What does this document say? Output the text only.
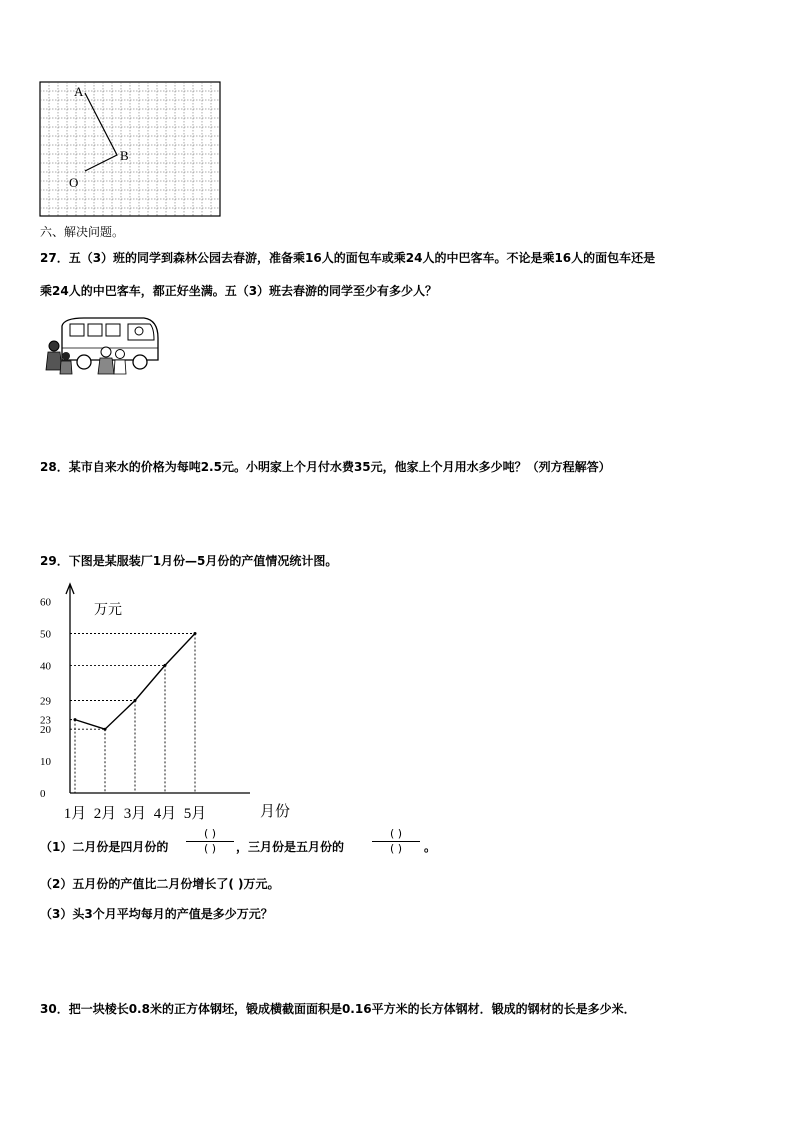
A
B
O
六、解决问题。
27．五（3）班的同学到森林公园去春游，准备乘16人的面包车或乘24人的中巴客车。不论是乘16人的面包车还是
乘24人的中巴客车，都正好坐满。五（3）班去春游的同学至少有多少人？
28．某市自来水的价格为每吨2.5元。小明家上个月付水费35元，他家上个月用水多少吨？（列方程解答）
29．下图是某服装厂1月份—5月份的产值情况统计图。
0
10
20
23
29
40
50
60
1月 2月 3月 4月 5月
万元
月份
（1）二月份是四月份的
( )
( )	，三月份是五月份的
( )
( )	。
（2）五月份的产值比二月份增长了( )万元。
（3）头3个月平均每月的产值是多少万元？
30．把一块棱长0.8米的正方体钢坯，锻成横截面面积是0.16平方米的长方体钢材．锻成的钢材的长是多少米．
